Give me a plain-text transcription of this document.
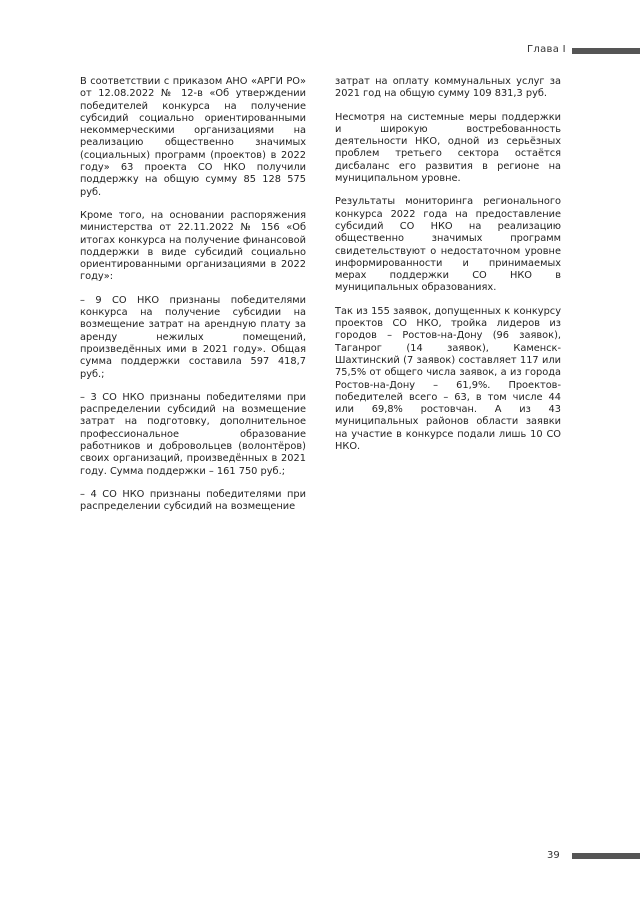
Глава I

В соответствии с приказом АНО «АРГИ РО» от 12.08.2022 № 12-в «Об утверждении победителей конкурса на получение субсидий социально ориентированными некоммерческими организациями на реализацию общественно значимых (социальных) программ (проектов) в 2022 году» 63 проекта СО НКО получили поддержку на общую сумму 85 128 575 руб.

Кроме того, на основании распоряжения министерства от 22.11.2022 № 156 «Об итогах конкурса на получение финансовой поддержки в виде субсидий социально ориентированными организациями в 2022 году»:

– 9 СО НКО признаны победителями конкурса на получение субсидии на возмещение затрат на арендную плату за аренду нежилых помещений, произведённых ими в 2021 году». Общая сумма поддержки составила 597 418,7 руб.;

– 3 СО НКО признаны победителями при распределении субсидий на возмещение затрат на подготовку, дополнительное профессиональное образование работников и добровольцев (волонтёров) своих организаций, произведённых в 2021 году. Сумма поддержки – 161 750 руб.;

– 4 СО НКО признаны победителями при распределении субсидий на возмещение

затрат на оплату коммунальных услуг за 2021 год на общую сумму 109 831,3 руб.

Несмотря на системные меры поддержки и широкую востребованность деятельности НКО, одной из серьёзных проблем третьего сектора остаётся дисбаланс его развития в регионе на муниципальном уровне.

Результаты мониторинга регионального конкурса 2022 года на предоставление субсидий СО НКО на реализацию общественно значимых программ свидетельствуют о недостаточном уровне информированности и принимаемых мерах поддержки СО НКО в муниципальных образованиях.

Так из 155 заявок, допущенных к конкурсу проектов СО НКО, тройка лидеров из городов – Ростов-на-Дону (96 заявок), Таганрог (14 заявок), Каменск-Шахтинский (7 заявок) составляет 117 или 75,5% от общего числа заявок, а из города Ростов-на-Дону – 61,9%. Проектов-победителей всего – 63, в том числе 44 или 69,8% ростовчан. А из 43 муниципальных районов области заявки на участие в конкурсе подали лишь 10 СО НКО.

39
